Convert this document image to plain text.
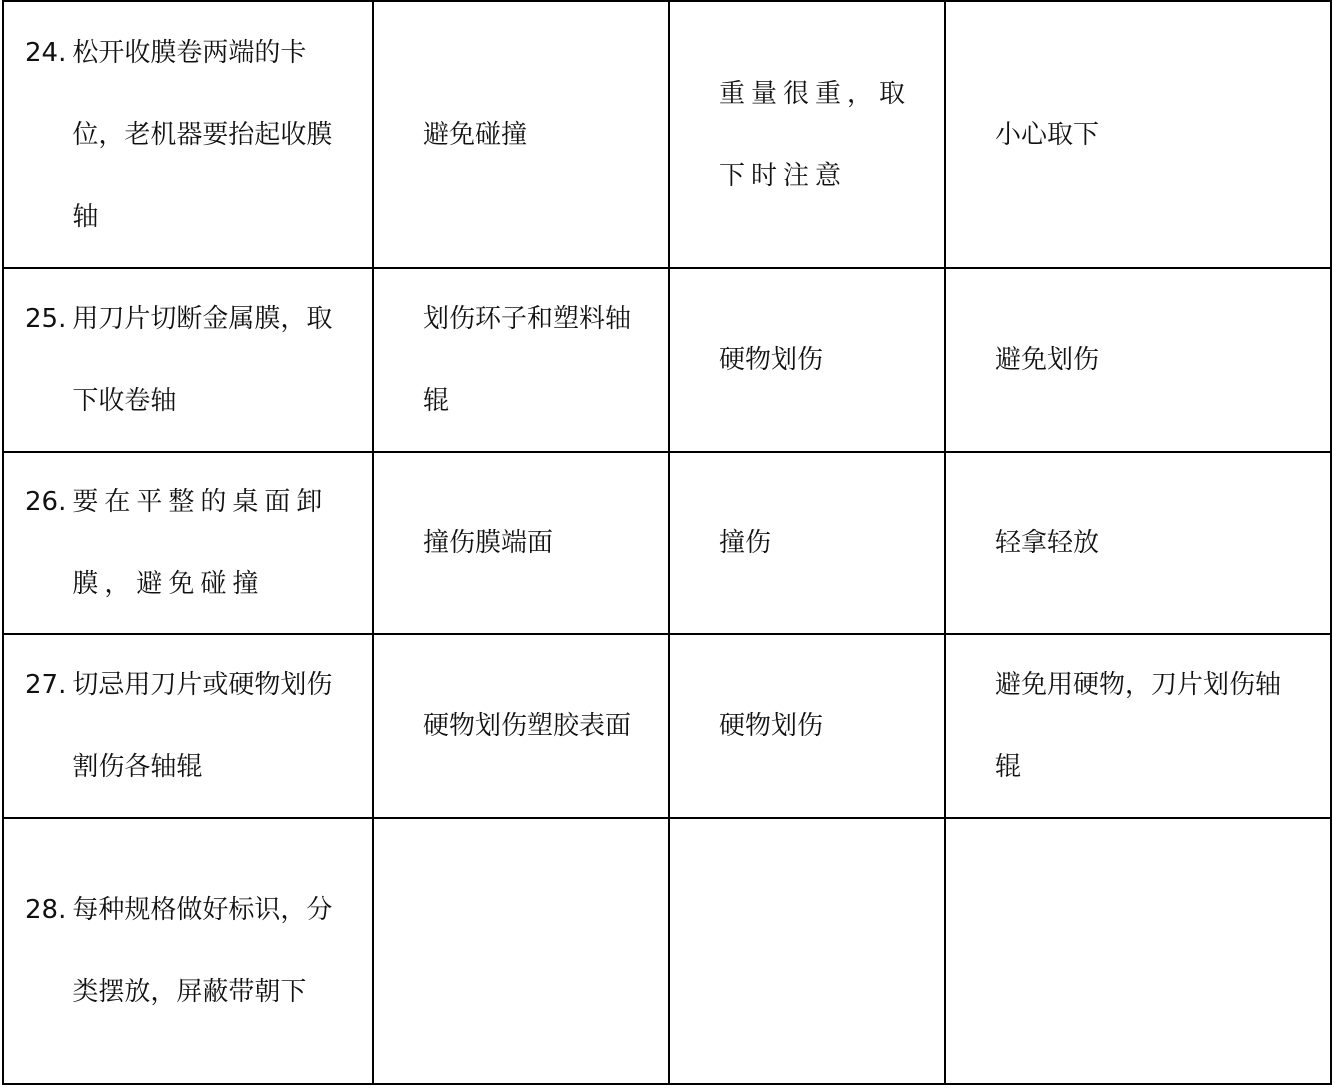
24. 松开收膜卷两端的卡位，老机器要抬起收膜轴	避免碰撞	重量很重，取下时注意	小心取下

25. 用刀片切断金属膜，取下收卷轴	划伤环子和塑料轴辊	硬物划伤	避免划伤

26. 要在平整的桌面卸膜，避免碰撞	撞伤膜端面	撞伤	轻拿轻放

27. 切忌用刀片或硬物划伤割伤各轴辊	硬物划伤塑胶表面	硬物划伤	避免用硬物，刀片划伤轴辊

28. 每种规格做好标识，分类摆放，屏蔽带朝下			
